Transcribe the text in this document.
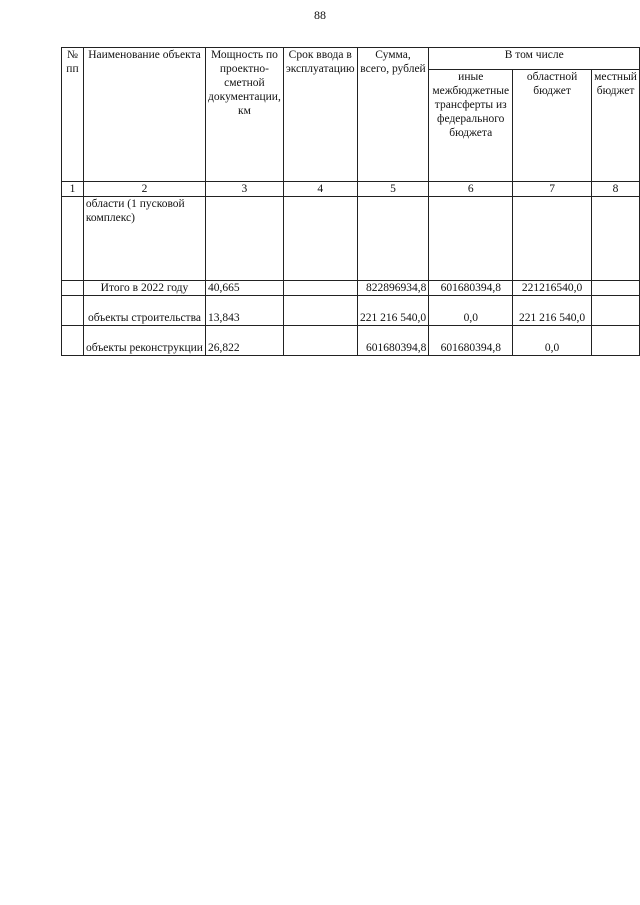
88
№ пп	Наименование объекта	Мощность по проектно-сметной документации, км	Срок ввода в эксплуатацию	Сумма, всего, рублей	В том числе		
					иные межбюджетные трансферты из федерального бюджета	областной бюджет	местный бюджет
1	2	3	4	5	6	7	8
	области (1 пусковой комплекс)						
	Итого в 2022 году	40,665		822896934,8	601680394,8	221216540,0	
	объекты строительства	13,843		221 216 540,0	0,0	221 216 540,0	
	объекты реконструкции	26,822		601680394,8	601680394,8	0,0	
